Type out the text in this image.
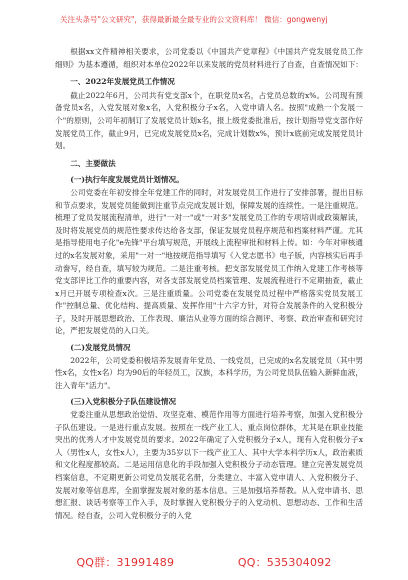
关注头条号"公文研究"，获得最新最全最专业的公文资料库！ 微信：gongwenyj

根据xx文件精神相关要求，公司党委以《中国共产党章程》《中国共产党发展党员工作细则》为基本遵循，组织对本单位2022年以来发展的党员材料进行了自查，自查情况如下：

一、2022年发展党员工作情况

截止2022年6月，公司共有党支部x个，在职党员x名，占党员总数的x%。公司现有预备党员x名，入党发展对象x名，入党积极分子x名，入党申请人名。按照"成熟一个发展一个"的原则，公司年初制订了发展党员计划x名，报上级党委批准后，按计划指导党支部作好发展党员工作，截止9月，已完成发展党员x名，完成计划数x%，预计x底前完成发展党员计划。

二、主要做法

(一)执行年度发展党员计划情况。

公司党委在年初安排全年党建工作的同时，对发展党员工作进行了安排部署，提出目标和节点要求，发展党员能做到注重节点完成发展计划，保障发展的连续性。一是注重规范。梳理了党员发展流程清单，进行"一对一"或"一对多"发展党员工作的专项培训或政策解读，及时将发展党员的规范性要求传达给各支部，保证发展党员程序规范和档案材料严谨。尤其是指导使用电子化"e先锋"平台填写规范，开展线上流程审批和材料上传。如：今年对审核通过的x名发展对象，采用"一对一"地按规范指导填写《入党志愿书》电子版，内容核实后再手动誊写，经自查，填写较为规范。二是注重考核。把支部发展党员工作纳入党建工作考核等党支部评比工作的重要内容，对各支部发展党员档案管理、发展流程进行不定期抽查，截止x月已开展专项检查x次。三是注重质量。公司党委在发展党员过程中严格落实党员发展工作"控制总量、优化结构、提高质量、发挥作用"十六字方针，对符合发展条件的入党积极分子，及时开展思想政治、工作表现、廉洁从业等方面的综合测评、考察、政治审查和研究讨论，严把发展党员的入口关。

(二)发展党员情况

2022年，公司党委积极培养发展青年党员、一线党员，已完成的x名发展党员（其中男性x名，女性x名）均为90后的年轻员工，汉族，本科学历，为公司党员队伍输入新鲜血液，注入青年"活力"。

(三)入党积极分子队伍建设情况

党委注重从思想政治觉悟、攻坚克难、模范作用等方面进行培养考察，加强入党积极分子队伍建设。一是进行重点发展。按照在一线产业工人、重点岗位群体，尤其是在职业技能突出的优秀人才中发展党员的要求。2022年确定了入党积极分子x人，现有入党积极分子x人（男性x人，女性x人），主要为35岁以下一线产业工人、其中大学本科学历x人，政治素质和文化程度都较高。二是运用信息化的手段加强入党积极分子动态管理。建立完善发展党员档案信息，不定期更新公司党员发展花名册，分类建立、丰富入党申请人、入党积极分子、发展对象等信息库，全面掌握发展对象的基本信息。三是加强培养帮教。从入党申请书、思想汇报、谈话考察等工作入手，及时掌握入党积极分子的入党动机、思想动态、工作和生活情况。经自查，公司入党积极分子的入党

QQ群：31991489	QQ：535304092
